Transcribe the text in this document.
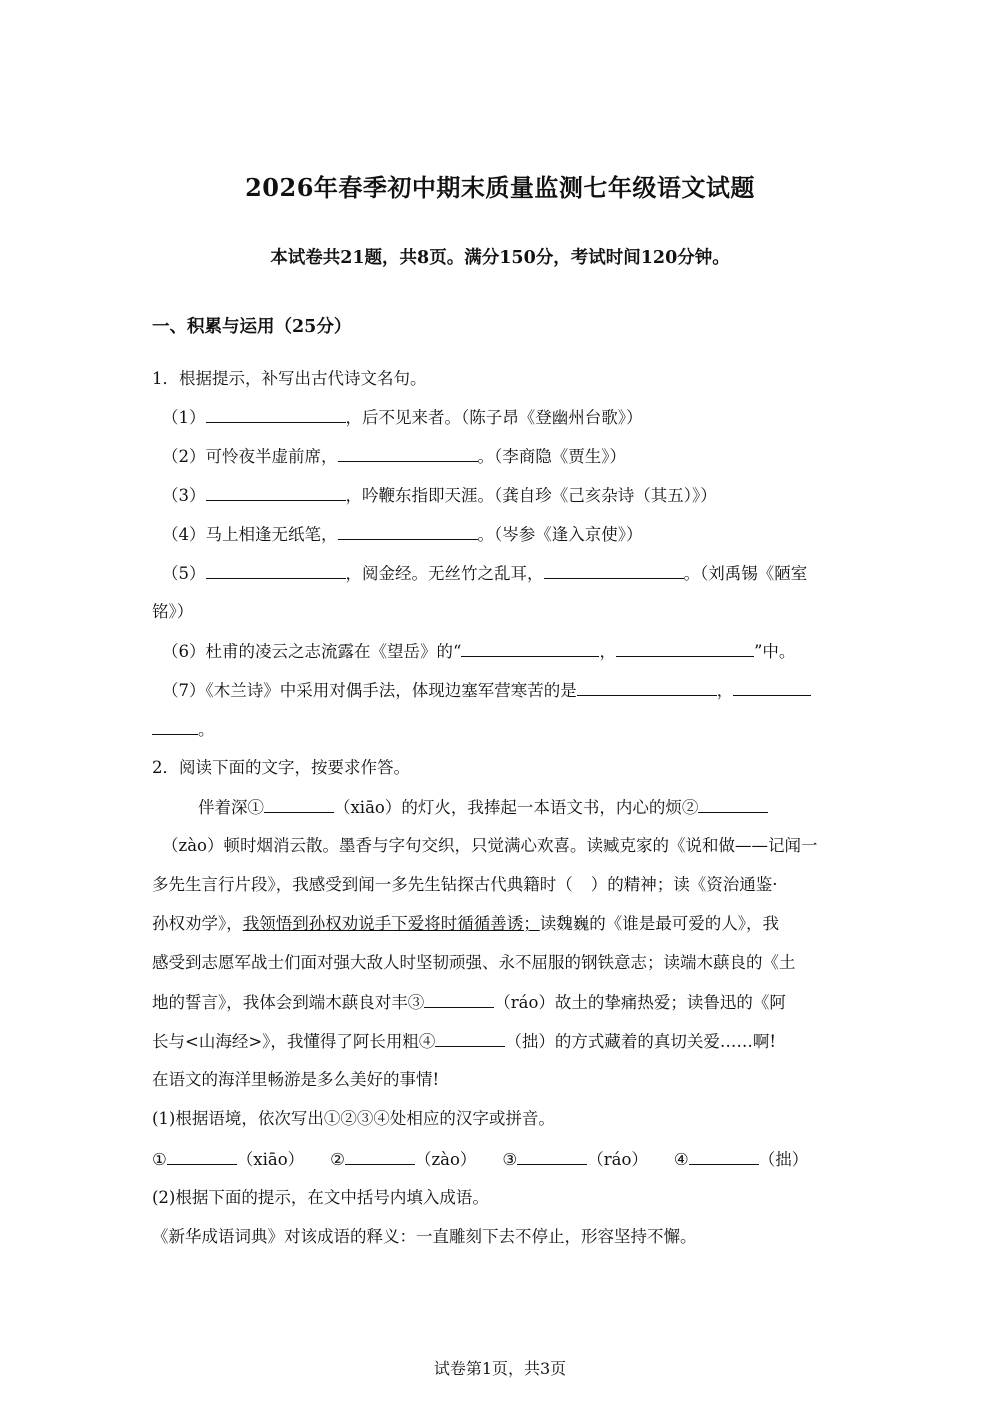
2026年春季初中期末质量监测七年级语文试题
本试卷共21题，共8页。满分150分，考试时间120分钟。
一、积累与运用（25分）
1．根据提示，补写出古代诗文名句。
（1）	，后不见来者。（陈子昂《登幽州台歌》）
（2）可怜夜半虚前席，	。（李商隐《贾生》）
（3）	，吟鞭东指即天涯。（龚自珍《己亥杂诗（其五）》）
（4）马上相逢无纸笔，	。（岑参《逢入京使》）
（5）	，阅金经。无丝竹之乱耳，	。（刘禹锡《陋室
铭》）
（6）杜甫的凌云之志流露在《望岳》的“	，	”中。
（7）《木兰诗》中采用对偶手法，体现边塞军营寒苦的是	，
。
2．阅读下面的文字，按要求作答。
伴着深①	（xiāo）的灯火，我捧起一本语文书，内心的烦②
（zào）顿时烟消云散。墨香与字句交织，只觉满心欢喜。读臧克家的《说和做——记闻一
多先生言行片段》，我感受到闻一多先生钻探古代典籍时（ ）的精神；读《资治通鉴·
孙权劝学》，我领悟到孙权劝说手下爱将时循循善诱；读魏巍的《谁是最可爱的人》，我
感受到志愿军战士们面对强大敌人时坚韧顽强、永不屈服的钢铁意志；读端木蕻良的《土
地的誓言》，我体会到端木蕻良对丰③	（ráo）故土的挚痛热爱；读鲁迅的《阿
长与<山海经>》，我懂得了阿长用粗④	（拙）的方式藏着的真切关爱……啊!
在语文的海洋里畅游是多么美好的事情!
(1)根据语境，依次写出①②③④处相应的汉字或拼音。
①	（xiāo） ②	（zào） ③	（ráo） ④	（拙）
(2)根据下面的提示，在文中括号内填入成语。
《新华成语词典》对该成语的释义：一直雕刻下去不停止，形容坚持不懈。
试卷第1页，共3页
